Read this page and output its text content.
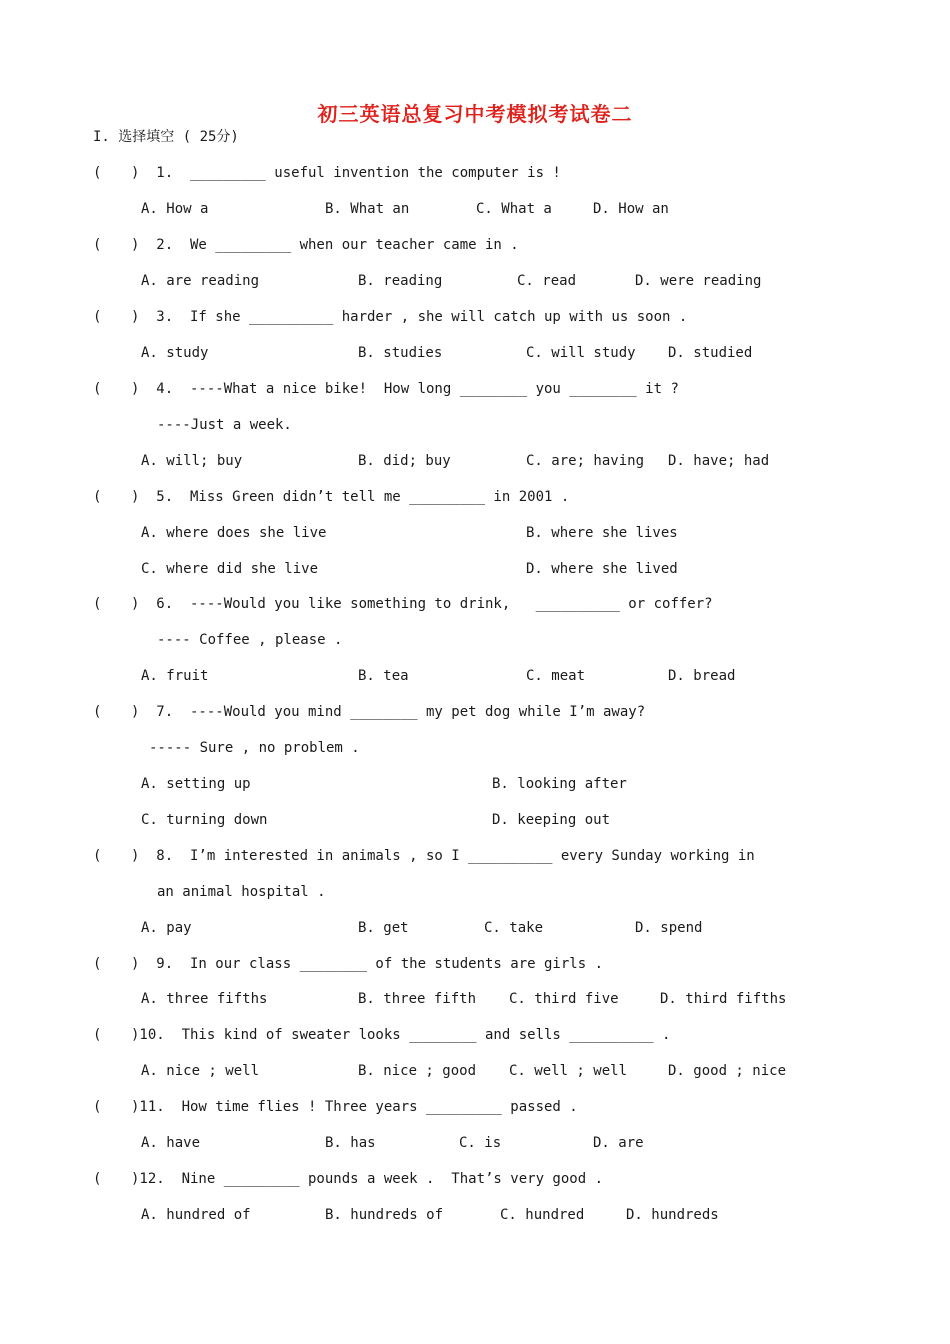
初三英语总复习中考模拟考试卷二
I. 选择填空 ( 25分)
( )  1.  _________ useful invention the computer is !
A. How a	B. What an	C. What a	D. How an
( )  2.  We _________ when our teacher came in .
A. are reading	B. reading	C. read	D. were reading
( )  3.  If she __________ harder , she will catch up with us soon .
A. study	B. studies	C. will study D. studied
( )  4.  ----What a nice bike!  How long ________ you ________ it ?
----Just a week.
A. will; buy	B. did; buy	C. are; having D. have; had
( )  5.  Miss Green didn’t tell me _________ in 2001 .
A. where does she live	B. where she lives
C. where did she live	D. where she lived
( )  6.  ----Would you like something to drink,   __________ or coffer?
---- Coffee , please .
A. fruit	B. tea	C. meat	D. bread
( )  7.  ----Would you mind ________ my pet dog while I’m away?
----- Sure , no problem .
A. setting up	B. looking after
C. turning down	D. keeping out
( )  8.  I’m interested in animals , so I __________ every Sunday working in
an animal hospital .
A. pay	B. get	C. take	D. spend
( )  9.  In our class ________ of the students are girls .
A. three fifths	B. three fifth C. third five	D. third fifths
( )10.  This kind of sweater looks ________ and sells __________ .
A. nice ; well	B. nice ; good C. well ; well	D. good ; nice
( )11.  How time flies ! Three years _________ passed .
A. have	B. has	C. is	D. are
( )12.  Nine _________ pounds a week .  That’s very good .
A. hundred of	B. hundreds of	C. hundred	D. hundreds
